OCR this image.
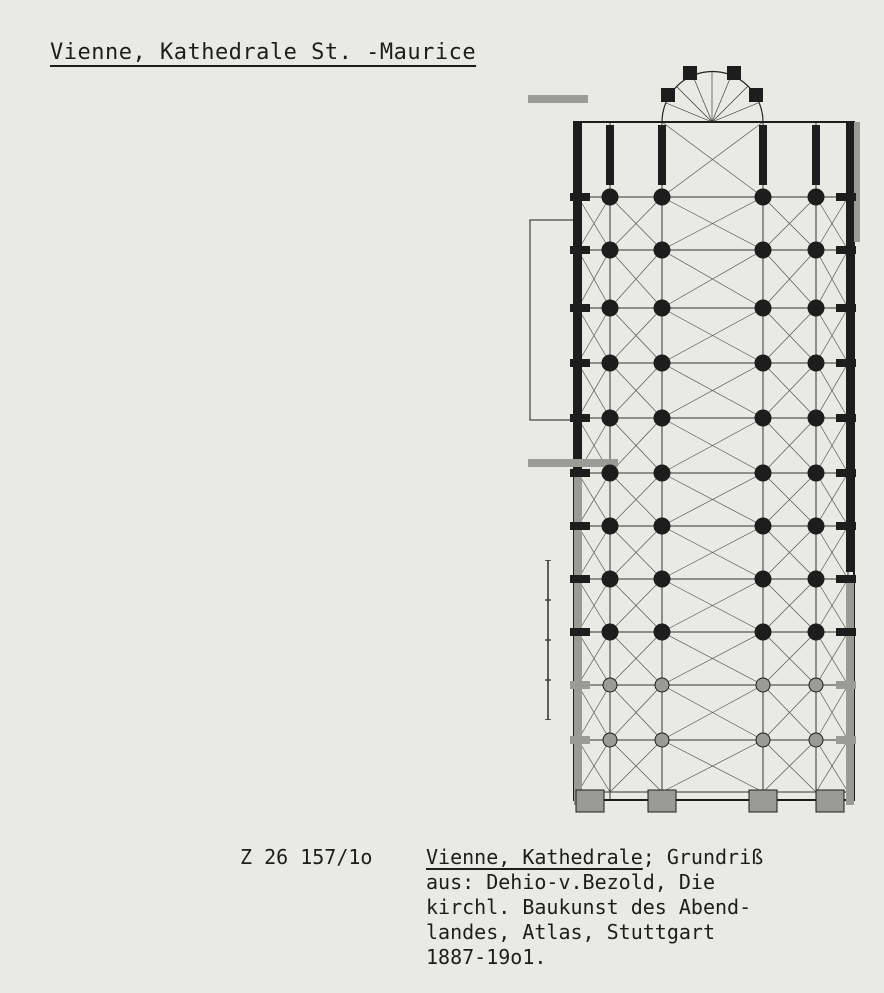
Vienne, Kathedrale St. -Maurice
Z 26 157/1o	Vienne, Kathedrale; Grundriß
aus: Dehio-v.Bezold, Die
kirchl. Baukunst des Abend-
landes, Atlas, Stuttgart
1887-19o1.
